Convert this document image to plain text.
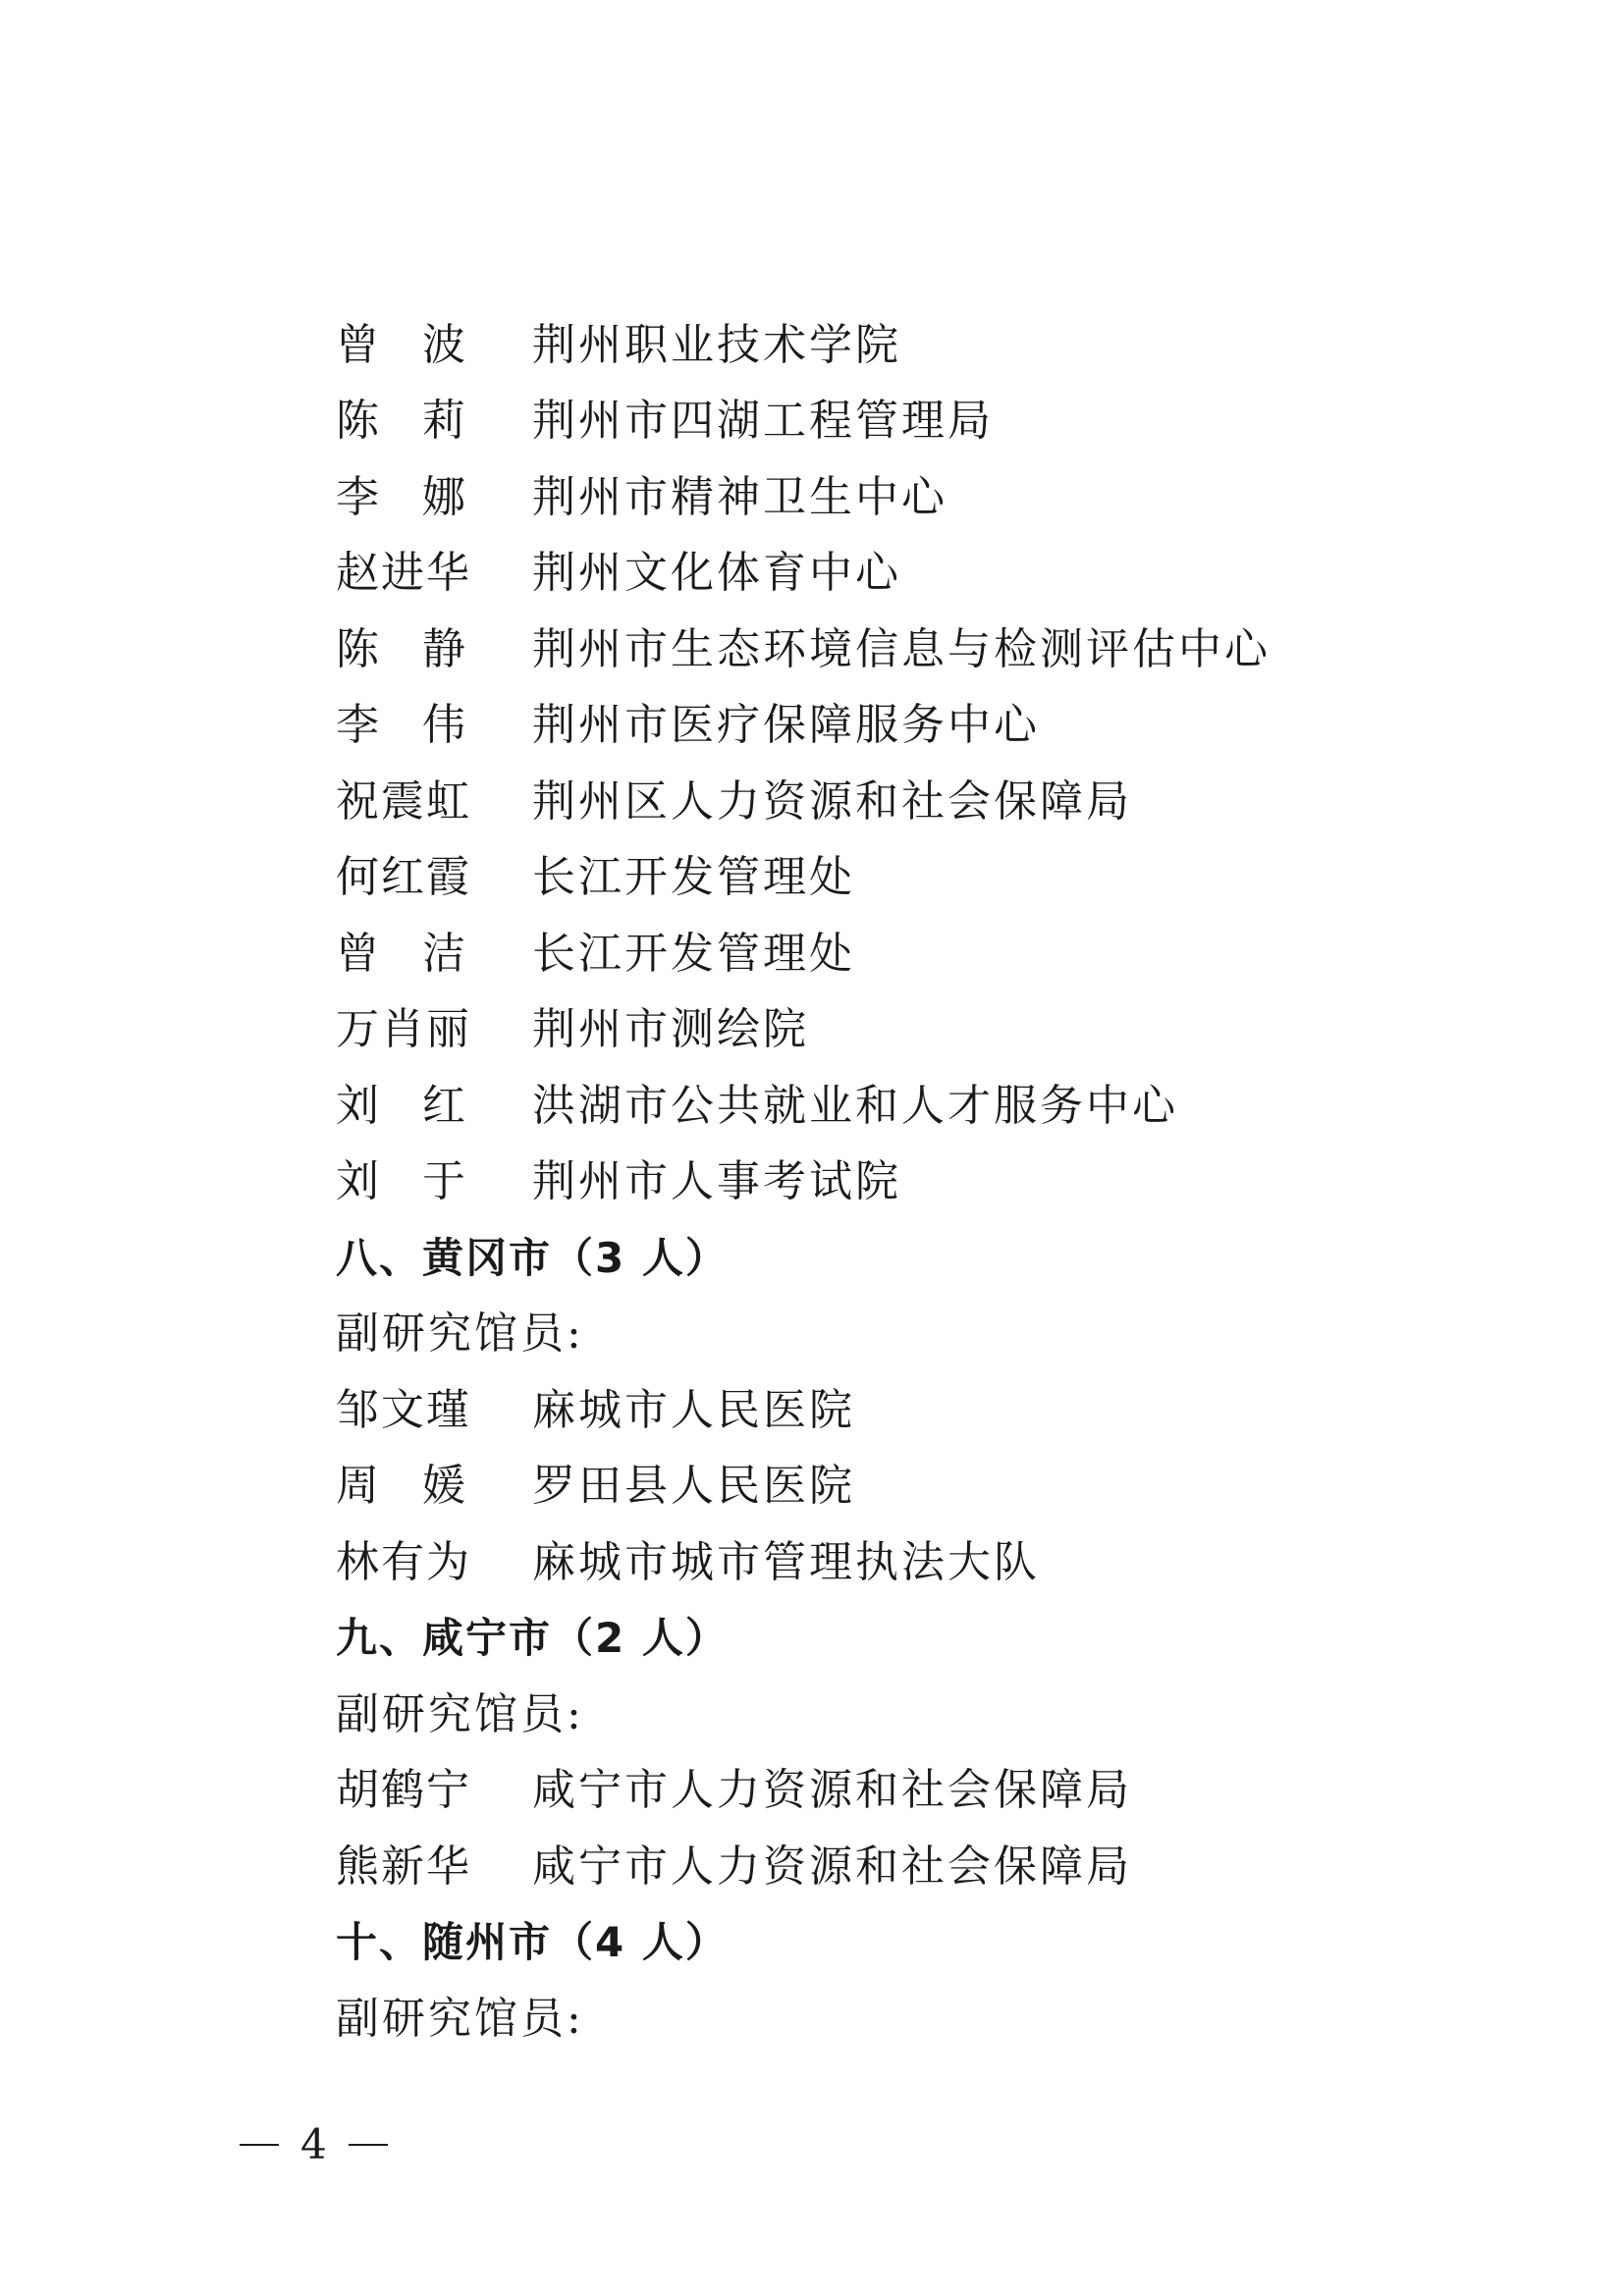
曾 波	荆州职业技术学院
陈 莉	荆州市四湖工程管理局
李 娜	荆州市精神卫生中心
赵进华	荆州文化体育中心
陈 静	荆州市生态环境信息与检测评估中心
李 伟	荆州市医疗保障服务中心
祝震虹	荆州区人力资源和社会保障局
何红霞	长江开发管理处
曾 洁	长江开发管理处
万肖丽	荆州市测绘院
刘 红	洪湖市公共就业和人才服务中心
刘 于	荆州市人事考试院
八、黄冈市（3 人）
副研究馆员:
邹文瑾	麻城市人民医院
周 媛	罗田县人民医院
林有为	麻城市城市管理执法大队
九、咸宁市（2 人）
副研究馆员:
胡鹤宁	咸宁市人力资源和社会保障局
熊新华	咸宁市人力资源和社会保障局
十、随州市（4 人）
副研究馆员:
4
